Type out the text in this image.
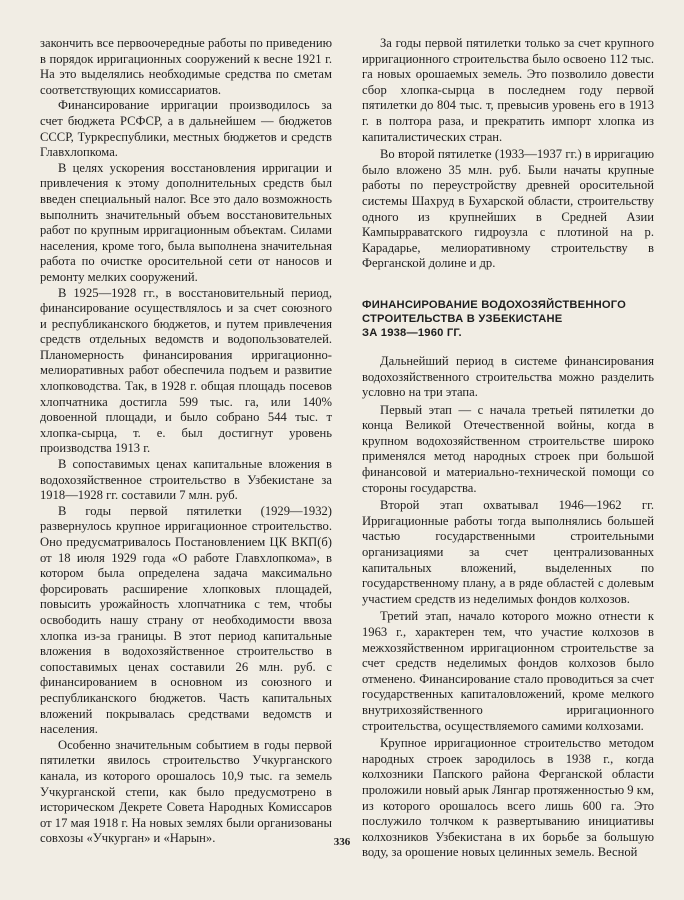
закончить все первоочередные работы по приведению в порядок ирригационных сооружений к весне 1921 г. На это выделялись необходимые средства по сметам соответствующих комиссариатов.

Финансирование ирригации производилось за счет бюджета РСФСР, а в дальнейшем — бюджетов СССР, Туркреспублики, местных бюджетов и средств Главхлопкома.

В целях ускорения восстановления ирригации и привлечения к этому дополнительных средств был введен специальный налог. Все это дало возможность выполнить значительный объем восстановительных работ по крупным ирригационным объектам. Силами населения, кроме того, была выполнена значительная работа по очистке оросительной сети от наносов и ремонту мелких сооружений.

В 1925—1928 гг., в восстановительный период, финансирование осуществлялось и за счет союзного и республиканского бюджетов, и путем привлечения средств отдельных ведомств и водопользователей. Планомерность финансирования ирригационно-мелиоративных работ обеспечила подъем и развитие хлопководства. Так, в 1928 г. общая площадь посевов хлопчатника достигла 599 тыс. га, или 140% довоенной площади, и было собрано 544 тыс. т хлопка-сырца, т. е. был достигнут уровень производства 1913 г.

В сопоставимых ценах капитальные вложения в водохозяйственное строительство в Узбекистане за 1918—1928 гг. составили 7 млн. руб.

В годы первой пятилетки (1929—1932) развернулось крупное ирригационное строительство. Оно предусматривалось Постановлением ЦК ВКП(б) от 18 июля 1929 года «О работе Главхлопкома», в котором была определена задача максимально форсировать расширение хлопковых площадей, повысить урожайность хлопчатника с тем, чтобы освободить нашу страну от необходимости ввоза хлопка из-за границы. В этот период капитальные вложения в водохозяйственное строительство в сопоставимых ценах составили 26 млн. руб. с финансированием в основном из союзного и республиканского бюджетов. Часть капитальных вложений покрывалась средствами ведомств и населения.

Особенно значительным событием в годы первой пятилетки явилось строительство Учкурганского канала, из которого орошалось 10,9 тыс. га земель Учкурганской степи, как было предусмотрено в историческом Декрете Совета Народных Комиссаров от 17 мая 1918 г. На новых землях были организованы совхозы «Учкурган» и «Нарын».

За годы первой пятилетки только за счет крупного ирригационного строительства было освоено 112 тыс. га новых орошаемых земель. Это позволило довести сбор хлопка-сырца в последнем году первой пятилетки до 804 тыс. т, превысив уровень его в 1913 г. в полтора раза, и прекратить импорт хлопка из капиталистических стран.

Во второй пятилетке (1933—1937 гг.) в ирригацию было вложено 35 млн. руб. Были начаты крупные работы по переустройству древней оросительной системы Шахруд в Бухарской области, строительству одного из крупнейших в Средней Азии Кампырраватского гидроузла с плотиной на р. Карадарье, мелиоративному строительству в Ферганской долине и др.

ФИНАНСИРОВАНИЕ ВОДОХОЗЯЙСТВЕННОГО
СТРОИТЕЛЬСТВА В УЗБЕКИСТАНЕ
ЗА 1938—1960 ГГ.

Дальнейший период в системе финансирования водохозяйственного строительства можно разделить условно на три этапа.

Первый этап — с начала третьей пятилетки до конца Великой Отечественной войны, когда в крупном водохозяйственном строительстве широко применялся метод народных строек при большой финансовой и материально-технической помощи со стороны государства.

Второй этап охватывал 1946—1962 гг. Ирригационные работы тогда выполнялись большей частью государственными строительными организациями за счет централизованных капитальных вложений, выделенных по государственному плану, а в ряде областей с долевым участием средств из неделимых фондов колхозов.

Третий этап, начало которого можно отнести к 1963 г., характерен тем, что участие колхозов в межхозяйственном ирригационном строительстве за счет средств неделимых фондов колхозов было отменено. Финансирование стало проводиться за счет государственных капиталовложений, кроме мелкого внутрихозяйственного ирригационного строительства, осуществляемого самими колхозами.

Крупное ирригационное строительство методом народных строек зародилось в 1938 г., когда колхозники Папского района Ферганской области проложили новый арык Лянгар протяженностью 9 км, из которого орошалось всего лишь 600 га. Это послужило толчком к развертыванию инициативы колхозников Узбекистана в их борьбе за большую воду, за орошение новых целинных земель. Весной

336
